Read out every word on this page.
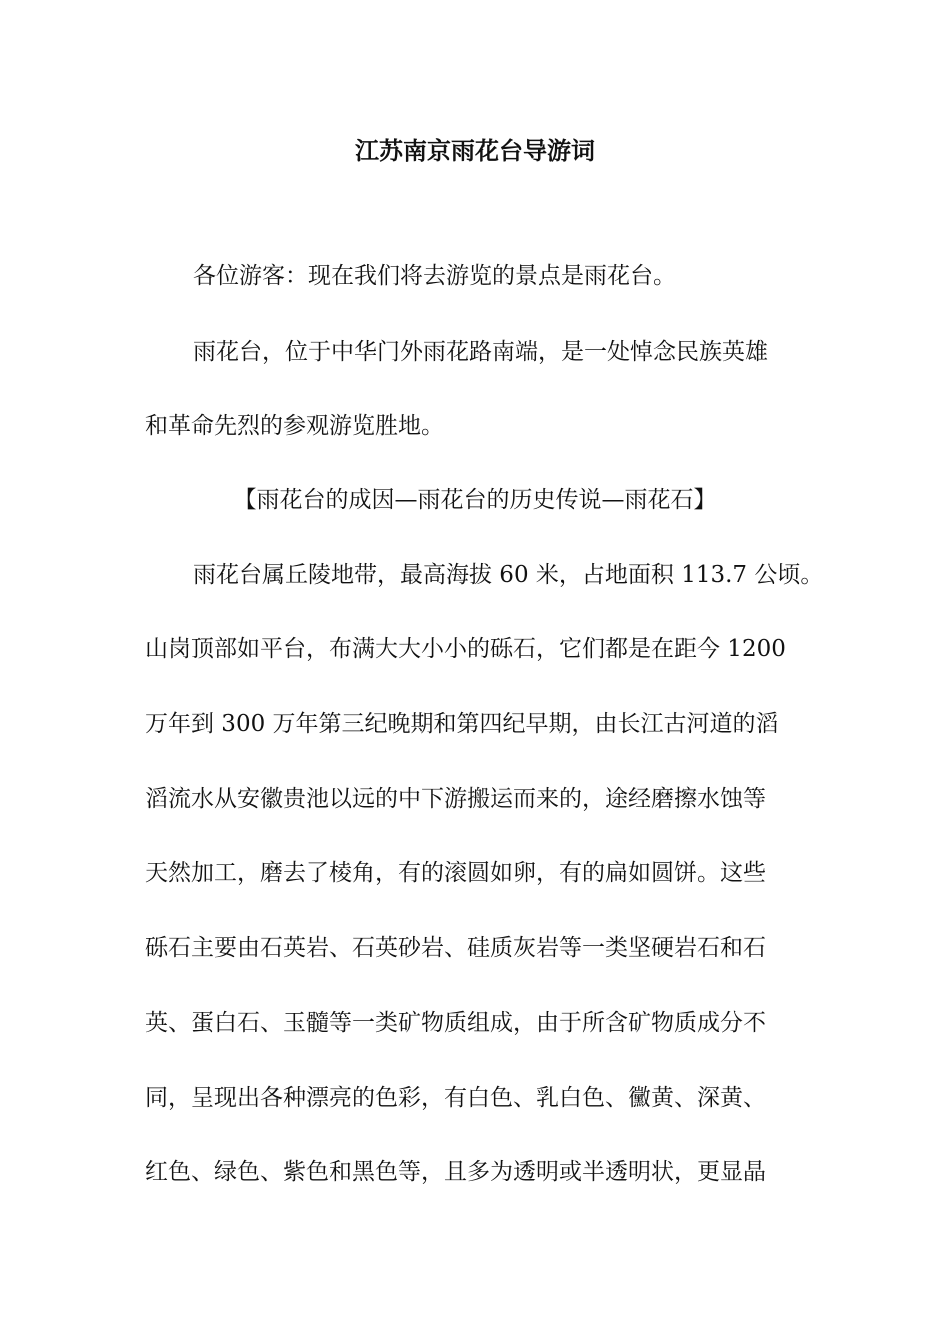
江苏南京雨花台导游词
各位游客：现在我们将去游览的景点是雨花台。
雨花台，位于中华门外雨花路南端，是一处悼念民族英雄
和革命先烈的参观游览胜地。
【雨花台的成因—雨花台的历史传说—雨花石】
雨花台属丘陵地带，最高海拔 60 米，占地面积 113.7 公顷。
山岗顶部如平台，布满大大小小的砾石，它们都是在距今 1200
万年到 300 万年第三纪晚期和第四纪早期，由长江古河道的滔
滔流水从安徽贵池以远的中下游搬运而来的，途经磨擦水蚀等
天然加工，磨去了棱角，有的滚圆如卵，有的扁如圆饼。这些
砾石主要由石英岩、石英砂岩、硅质灰岩等一类坚硬岩石和石
英、蛋白石、玉髓等一类矿物质组成，由于所含矿物质成分不
同，呈现出各种漂亮的色彩，有白色、乳白色、黴黄、深黄、
红色、绿色、紫色和黑色等，且多为透明或半透明状，更显晶
